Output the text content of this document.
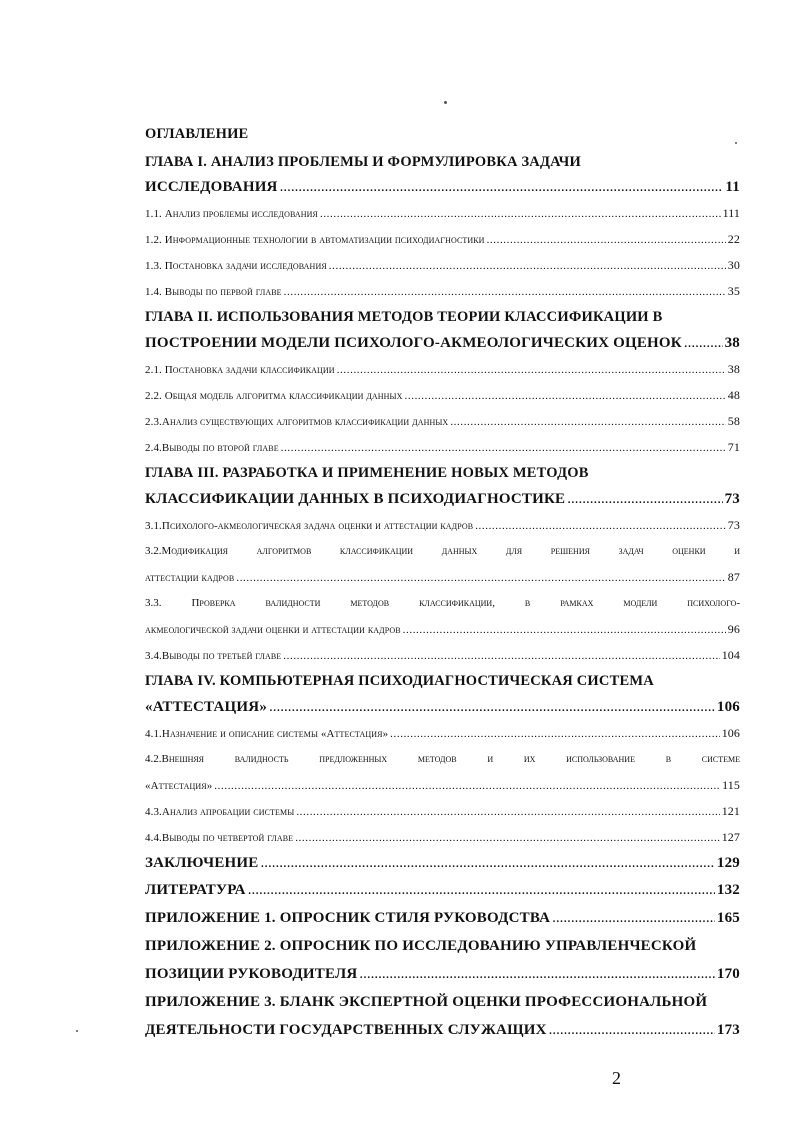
ОГЛАВЛЕНИЕ
ГЛАВА I. АНАЛИЗ ПРОБЛЕМЫ И ФОРМУЛИРОВКА ЗАДАЧИ
ИССЛЕДОВАНИЯ .....	11
1.1. Анализ проблемы исследования .....	111
1.2. Информационные технологии в автоматизации психодиагностики .....	22
1.3. Постановка задачи исследования .....	30
1.4. Выводы по первой главе .....	35
ГЛАВА II. ИСПОЛЬЗОВАНИЯ МЕТОДОВ ТЕОРИИ КЛАССИФИКАЦИИ В
ПОСТРОЕНИИ МОДЕЛИ ПСИХОЛОГО-АКМЕОЛОГИЧЕСКИХ ОЦЕНОК .....	38
2.1. Постановка задачи классификации .....	38
2.2. Общая модель алгоритма классификации данных .....	48
2.3.Анализ существующих алгоритмов классификации данных .....	58
2.4.Выводы по второй главе .....	71
ГЛАВА III. РАЗРАБОТКА И ПРИМЕНЕНИЕ НОВЫХ МЕТОДОВ
КЛАССИФИКАЦИИ ДАННЫХ В ПСИХОДИАГНОСТИКЕ .....	73
3.1.Психолого-акмеологическая задача оценки и аттестации кадров .....	73
3.2.Модификация алгоритмов классификации данных для решения задач оценки и
аттестации кадров .....	87
3.3. Проверка валидности методов классификации, в рамках модели психолого-
акмеологической задачи оценки и аттестации кадров .....	96
3.4.Выводы по третьей главе .....	104
ГЛАВА IV. КОМПЬЮТЕРНАЯ ПСИХОДИАГНОСТИЧЕСКАЯ СИСТЕМА
«АТТЕСТАЦИЯ» .....	106
4.1.Назначение и описание системы «Аттестация» .....	106
4.2.Внешняя валидность предложенных методов и их использование в системе
«Аттестация» .....	115
4.3.Анализ апробации системы .....	121
4.4.Выводы по четвертой главе .....	127
ЗАКЛЮЧЕНИЕ .....	129
ЛИТЕРАТУРА .....	132
ПРИЛОЖЕНИЕ 1. ОПРОСНИК СТИЛЯ РУКОВОДСТВА .....	165
ПРИЛОЖЕНИЕ 2. ОПРОСНИК ПО ИССЛЕДОВАНИЮ УПРАВЛЕНЧЕСКОЙ
ПОЗИЦИИ РУКОВОДИТЕЛЯ .....	170
ПРИЛОЖЕНИЕ 3. БЛАНК ЭКСПЕРТНОЙ ОЦЕНКИ ПРОФЕССИОНАЛЬНОЙ
ДЕЯТЕЛЬНОСТИ ГОСУДАРСТВЕННЫХ СЛУЖАЩИХ .....	173
2
